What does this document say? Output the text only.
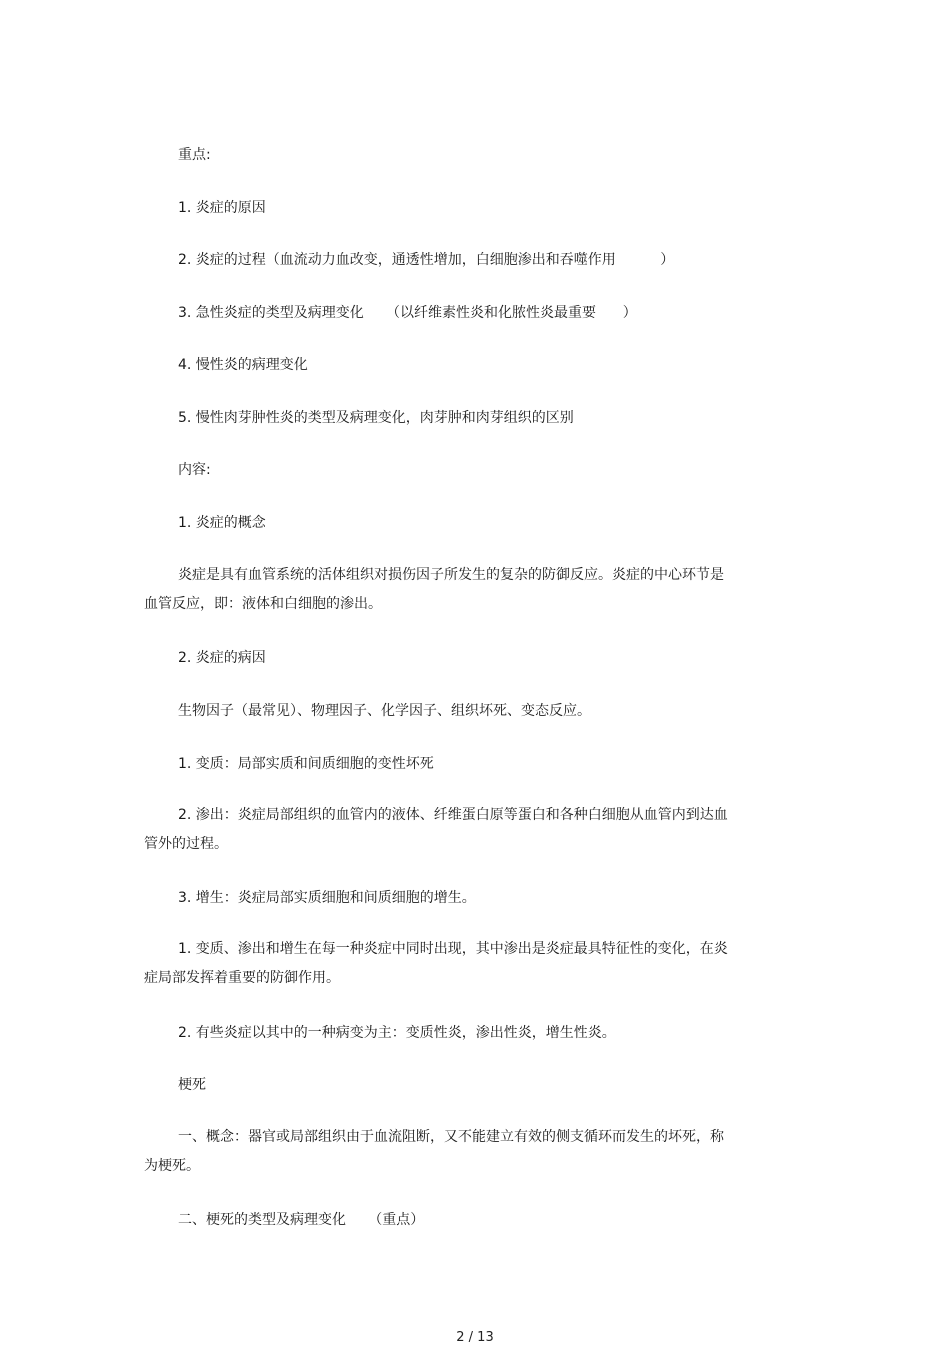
重点:
1. 炎症的原因
2. 炎症的过程（血流动力血改变，通透性增加，白细胞渗出和吞噬作用          ）
3. 急性炎症的类型及病理变化     （以纤维素性炎和化脓性炎最重要      ）
4. 慢性炎的病理变化
5. 慢性肉芽肿性炎的类型及病理变化，肉芽肿和肉芽组织的区别
内容:
1. 炎症的概念
炎症是具有血管系统的活体组织对损伤因子所发生的复杂的防御反应。炎症的中心环节是血管反应，即：液体和白细胞的渗出。
2. 炎症的病因
生物因子（最常见）、物理因子、化学因子、组织坏死、变态反应。
1. 变质：局部实质和间质细胞的变性坏死
2. 渗出：炎症局部组织的血管内的液体、纤维蛋白原等蛋白和各种白细胞从血管内到达血管外的过程。
3. 增生：炎症局部实质细胞和间质细胞的增生。
1. 变质、渗出和增生在每一种炎症中同时出现，其中渗出是炎症最具特征性的变化，在炎症局部发挥着重要的防御作用。
2. 有些炎症以其中的一种病变为主：变质性炎，渗出性炎，增生性炎。
梗死
一、概念：器官或局部组织由于血流阻断，又不能建立有效的侧支循环而发生的坏死，称为梗死。
二、梗死的类型及病理变化     （重点）
2 / 13
